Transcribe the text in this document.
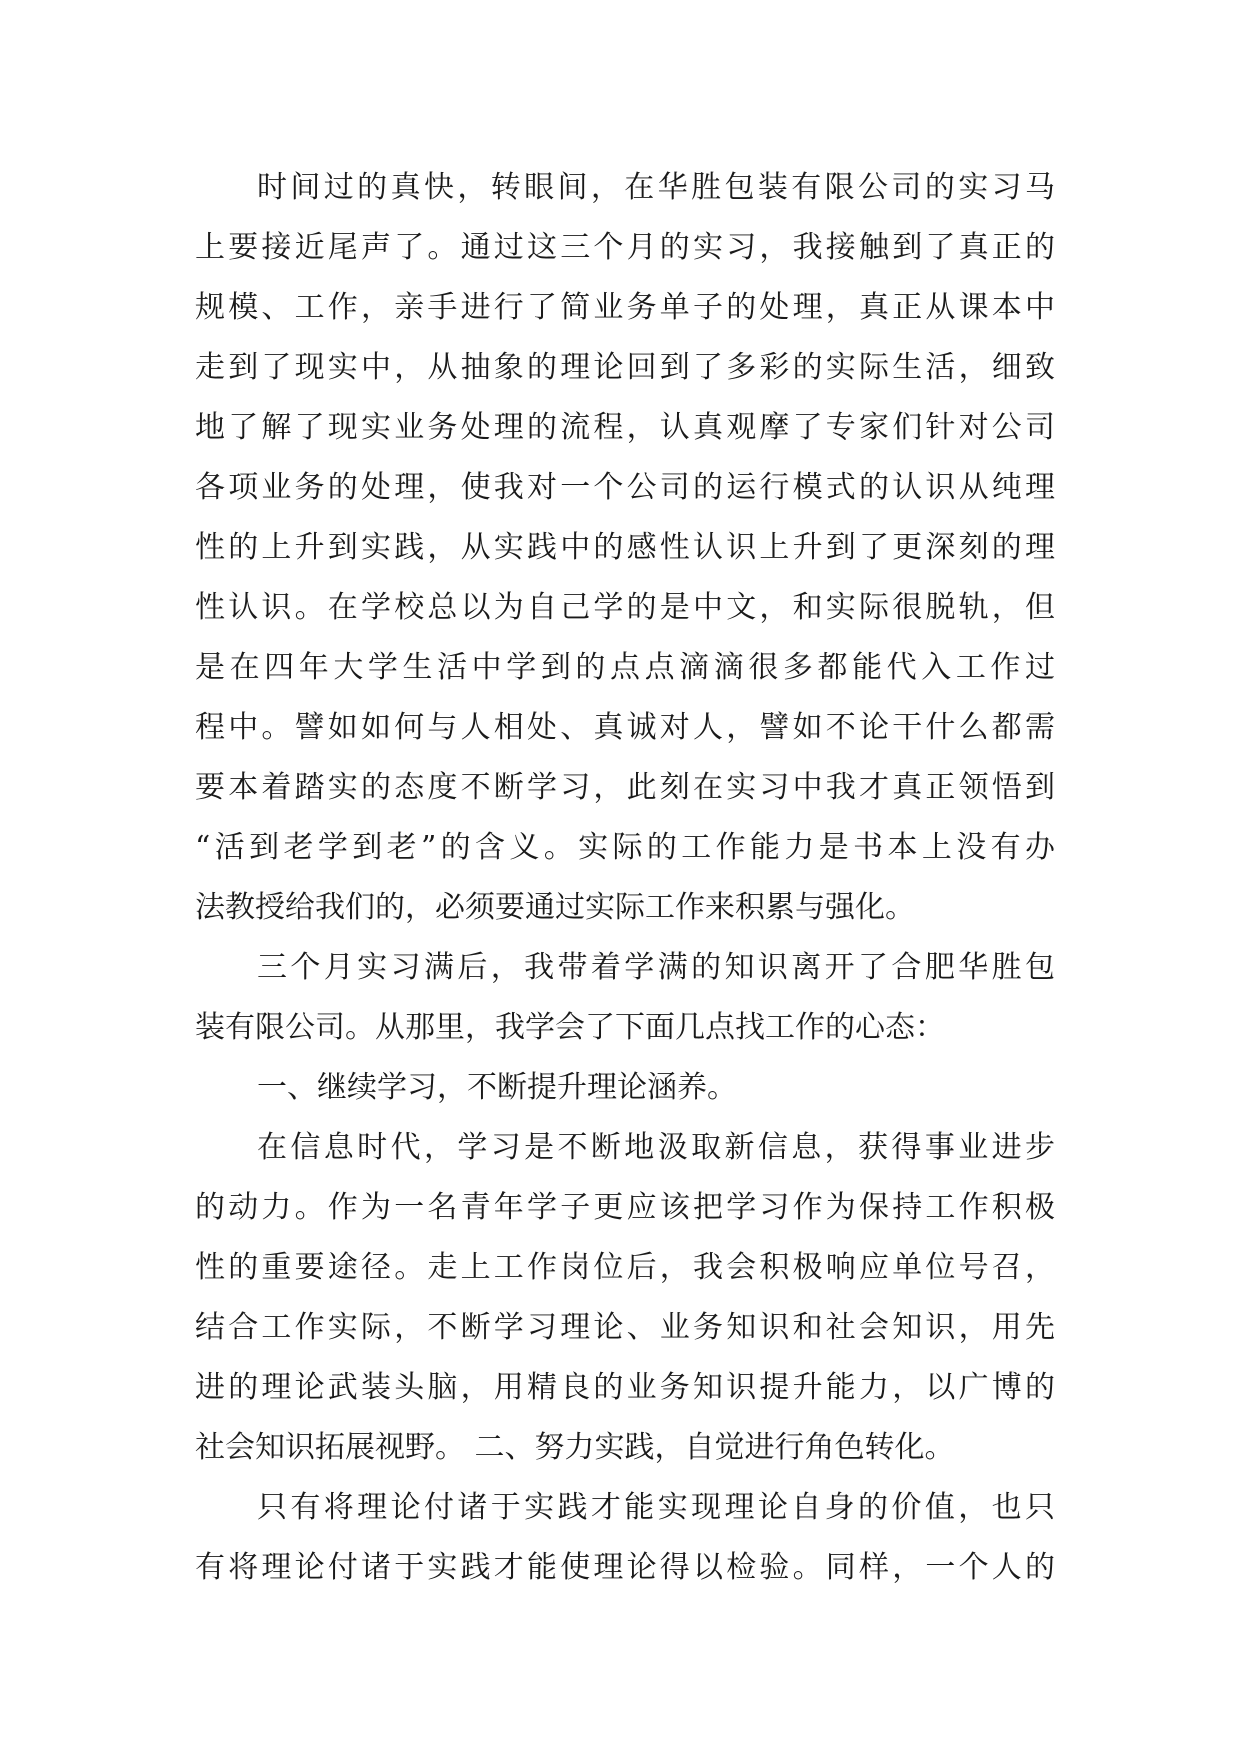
时间过的真快，转眼间，在华胜包装有限公司的实习马
上要接近尾声了。通过这三个月的实习，我接触到了真正的
规模、工作，亲手进行了简业务单子的处理，真正从课本中
走到了现实中，从抽象的理论回到了多彩的实际生活，细致
地了解了现实业务处理的流程，认真观摩了专家们针对公司
各项业务的处理，使我对一个公司的运行模式的认识从纯理
性的上升到实践，从实践中的感性认识上升到了更深刻的理
性认识。在学校总以为自己学的是中文，和实际很脱轨，但
是在四年大学生活中学到的点点滴滴很多都能代入工作过
程中。譬如如何与人相处、真诚对人，譬如不论干什么都需
要本着踏实的态度不断学习，此刻在实习中我才真正领悟到
“活到老学到老”的含义。实际的工作能力是书本上没有办
法教授给我们的，必须要通过实际工作来积累与强化。
三个月实习满后，我带着学满的知识离开了合肥华胜包
装有限公司。从那里，我学会了下面几点找工作的心态：
一、继续学习，不断提升理论涵养。
在信息时代，学习是不断地汲取新信息，获得事业进步
的动力。作为一名青年学子更应该把学习作为保持工作积极
性的重要途径。走上工作岗位后，我会积极响应单位号召，
结合工作实际，不断学习理论、业务知识和社会知识，用先
进的理论武装头脑，用精良的业务知识提升能力，以广博的
社会知识拓展视野。 二、努力实践，自觉进行角色转化。
只有将理论付诸于实践才能实现理论自身的价值，也只
有将理论付诸于实践才能使理论得以检验。同样，一个人的
